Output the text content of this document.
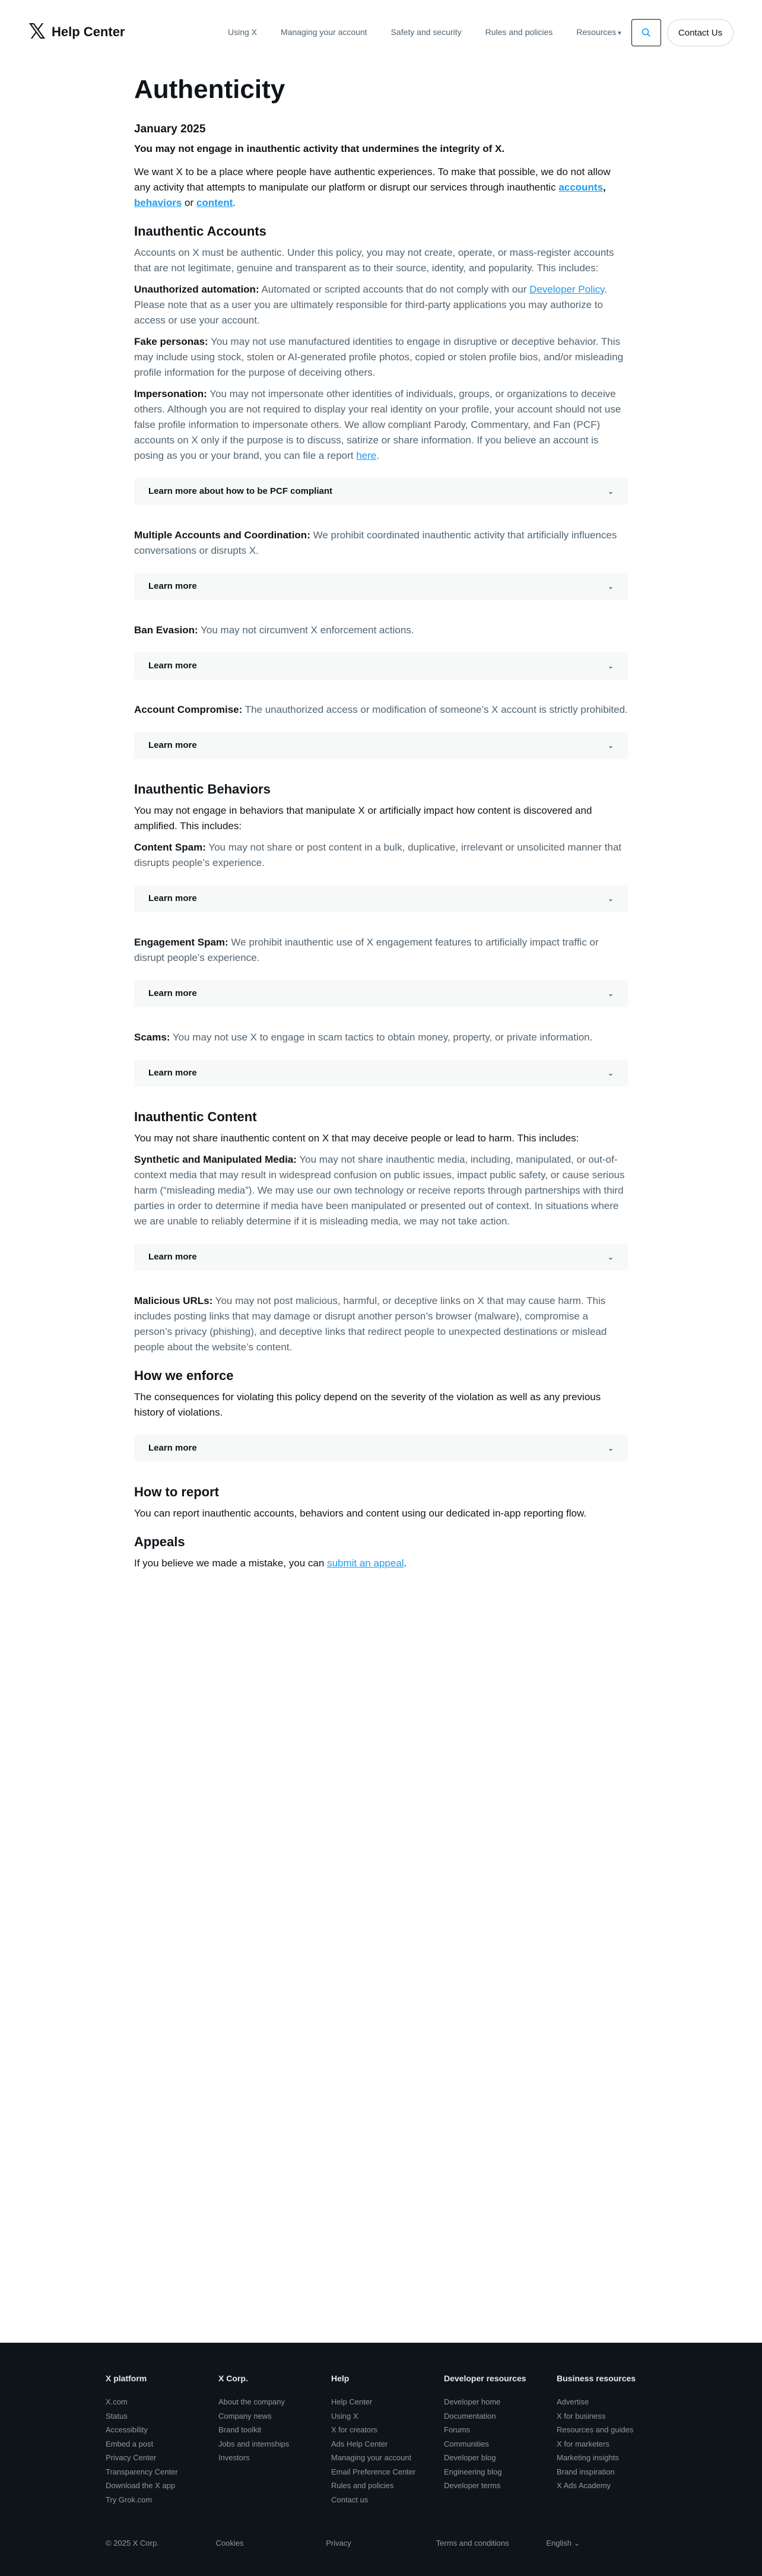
𝕏 Help Center	Using X	Managing your account	Safety and security	Rules and policies	Resources ▾	Contact Us
Authenticity
January 2025

You may not engage in inauthentic activity that undermines the integrity of X.

We want X to be a place where people have authentic experiences. To make that possible, we do not allow any activity that attempts to manipulate our platform or disrupt our services through inauthentic accounts, behaviors or content.

Inauthentic Accounts

Accounts on X must be authentic. Under this policy, you may not create, operate, or mass-register accounts that are not legitimate, genuine and transparent as to their source, identity, and popularity. This includes:

Unauthorized automation: Automated or scripted accounts that do not comply with our Developer Policy. Please note that as a user you are ultimately responsible for third-party applications you may authorize to access or use your account.

Fake personas: You may not use manufactured identities to engage in disruptive or deceptive behavior. This may include using stock, stolen or AI-generated profile photos, copied or stolen profile bios, and/or misleading profile information for the purpose of deceiving others.

Impersonation: You may not impersonate other identities of individuals, groups, or organizations to deceive others. Although you are not required to display your real identity on your profile, your account should not use false profile information to impersonate others. We allow compliant Parody, Commentary, and Fan (PCF) accounts on X only if the purpose is to discuss, satirize or share information. If you believe an account is posing as you or your brand, you can file a report here.

Learn more about how to be PCF compliant	⌄

Multiple Accounts and Coordination: We prohibit coordinated inauthentic activity that artificially influences conversations or disrupts X.

Learn more	⌄

Ban Evasion: You may not circumvent X enforcement actions.

Learn more	⌄

Account Compromise: The unauthorized access or modification of someone’s X account is strictly prohibited.

Learn more	⌄
Inauthentic Behaviors

You may not engage in behaviors that manipulate X or artificially impact how content is discovered and amplified. This includes:

Content Spam: You may not share or post content in a bulk, duplicative, irrelevant or unsolicited manner that disrupts people’s experience.

Learn more	⌄

Engagement Spam: We prohibit inauthentic use of X engagement features to artificially impact traffic or disrupt people’s experience.

Learn more	⌄

Scams: You may not use X to engage in scam tactics to obtain money, property, or private information.

Learn more	⌄
Inauthentic Content

You may not share inauthentic content on X that may deceive people or lead to harm. This includes:

Synthetic and Manipulated Media: You may not share inauthentic media, including, manipulated, or out-of-context media that may result in widespread confusion on public issues, impact public safety, or cause serious harm (“misleading media”). We may use our own technology or receive reports through partnerships with third parties in order to determine if media have been manipulated or presented out of context. In situations where we are unable to reliably determine if it is misleading media, we may not take action.

Learn more	⌄

Malicious URLs: You may not post malicious, harmful, or deceptive links on X that may cause harm. This includes posting links that may damage or disrupt another person’s browser (malware), compromise a person’s privacy (phishing), and deceptive links that redirect people to unexpected destinations or mislead people about the website’s content.

How we enforce

The consequences for violating this policy depend on the severity of the violation as well as any previous history of violations.

Learn more	⌄
How to report

You can report inauthentic accounts, behaviors and content using our dedicated in-app reporting flow.

Appeals

If you believe we made a mistake, you can submit an appeal.

X platform
X.com
Status
Accessibility
Embed a post
Privacy Center
Transparency Center
Download the X app
Try Grok.com
X Corp.
About the company
Company news
Brand toolkit
Jobs and internships
Investors
Help
Help Center
Using X
X for creators
Ads Help Center
Managing your account
Email Preference Center
Rules and policies
Contact us
Developer resources
Developer home
Documentation
Forums
Communities
Developer blog
Engineering blog
Developer terms
Business resources
Advertise
X for business
Resources and guides
X for marketers
Marketing insights
Brand inspiration
X Ads Academy
© 2025 X Corp.	Cookies	Privacy	Terms and conditions	English ⌄
